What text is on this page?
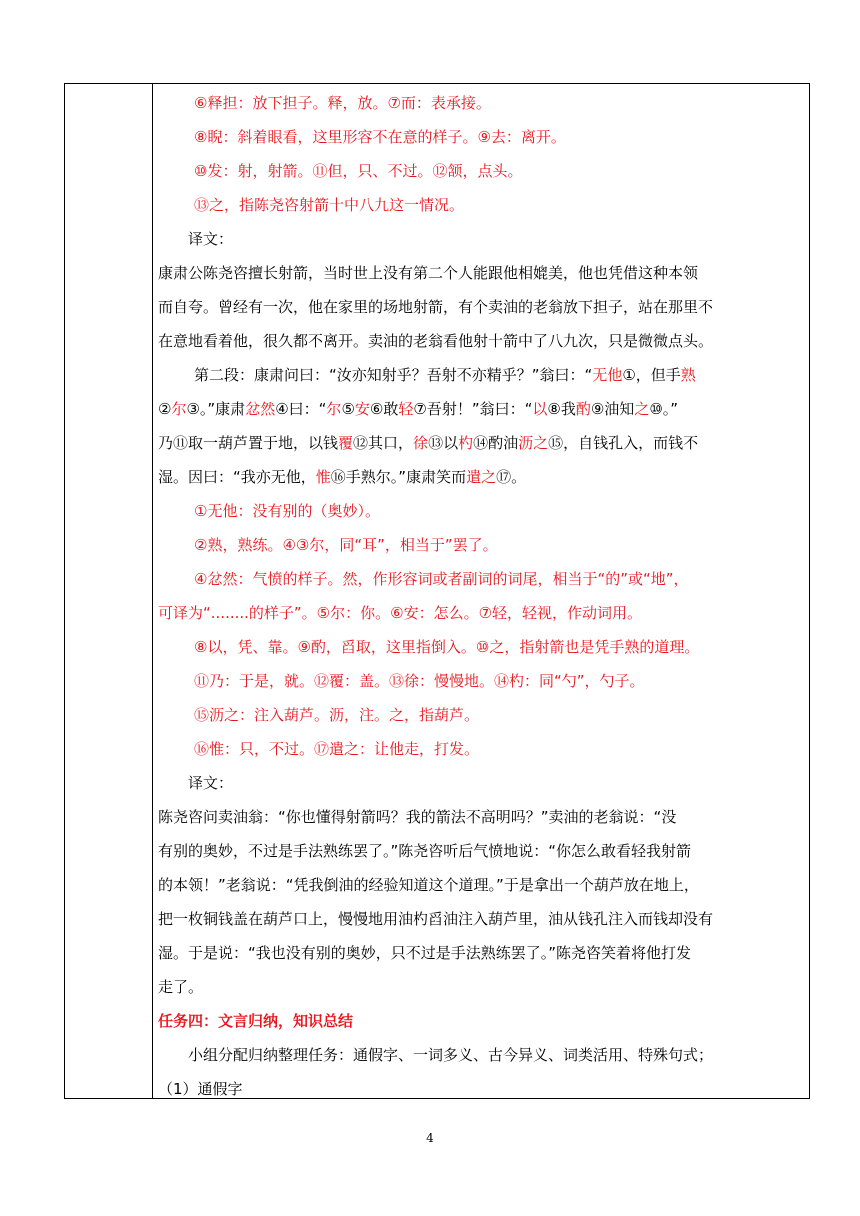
⑥释担：放下担子。释，放。⑦而：表承接。
⑧睨：斜着眼看，这里形容不在意的样子。⑨去：离开。
⑩发：射，射箭。⑪但，只、不过。⑫颔，点头。
⑬之，指陈尧咨射箭十中八九这一情况。
译文：
康肃公陈尧咨擅长射箭，当时世上没有第二个人能跟他相媲美，他也凭借这种本领
而自夸。曾经有一次，他在家里的场地射箭，有个卖油的老翁放下担子，站在那里不
在意地看着他，很久都不离开。卖油的老翁看他射十箭中了八九次，只是微微点头。
第二段：康肃问曰：“汝亦知射乎？吾射不亦精乎？”翁曰：“无他①，但手熟
②尔③。”康肃忿然④曰：“尔⑤安⑥敢轻⑦吾射！”翁曰：“以⑧我酌⑨油知之⑩。”
乃⑪取一葫芦置于地，以钱覆⑫其口，徐⑬以杓⑭酌油沥之⑮，自钱孔入，而钱不
湿。因曰：“我亦无他，惟⑯手熟尔。”康肃笑而遣之⑰。
①无他：没有别的（奥妙）。
②熟，熟练。④③尔，同“耳”，相当于”罢了。
④忿然：气愤的样子。然，作形容词或者副词的词尾，相当于“的”或“地”，
可译为“........的样子”。⑤尔：你。⑥安：怎么。⑦轻，轻视，作动词用。
⑧以，凭、靠。⑨酌，舀取，这里指倒入。⑩之，指射箭也是凭手熟的道理。
⑪乃：于是，就。⑫覆：盖。⑬徐：慢慢地。⑭杓：同“勺”，勺子。
⑮沥之：注入葫芦。沥，注。之，指葫芦。
⑯惟：只，不过。⑰遣之：让他走，打发。
译文：
陈尧咨问卖油翁：“你也懂得射箭吗？我的箭法不高明吗？”卖油的老翁说：“没
有别的奥妙，不过是手法熟练罢了。”陈尧咨听后气愤地说：“你怎么敢看轻我射箭
的本领！”老翁说：“凭我倒油的经验知道这个道理。”于是拿出一个葫芦放在地上，
把一枚铜钱盖在葫芦口上，慢慢地用油杓舀油注入葫芦里，油从钱孔注入而钱却没有
湿。于是说：“我也没有别的奥妙，只不过是手法熟练罢了。”陈尧咨笑着将他打发
走了。
任务四：文言归纳，知识总结
小组分配归纳整理任务：通假字、一词多义、古今异义、词类活用、特殊句式；
（1）通假字
4
